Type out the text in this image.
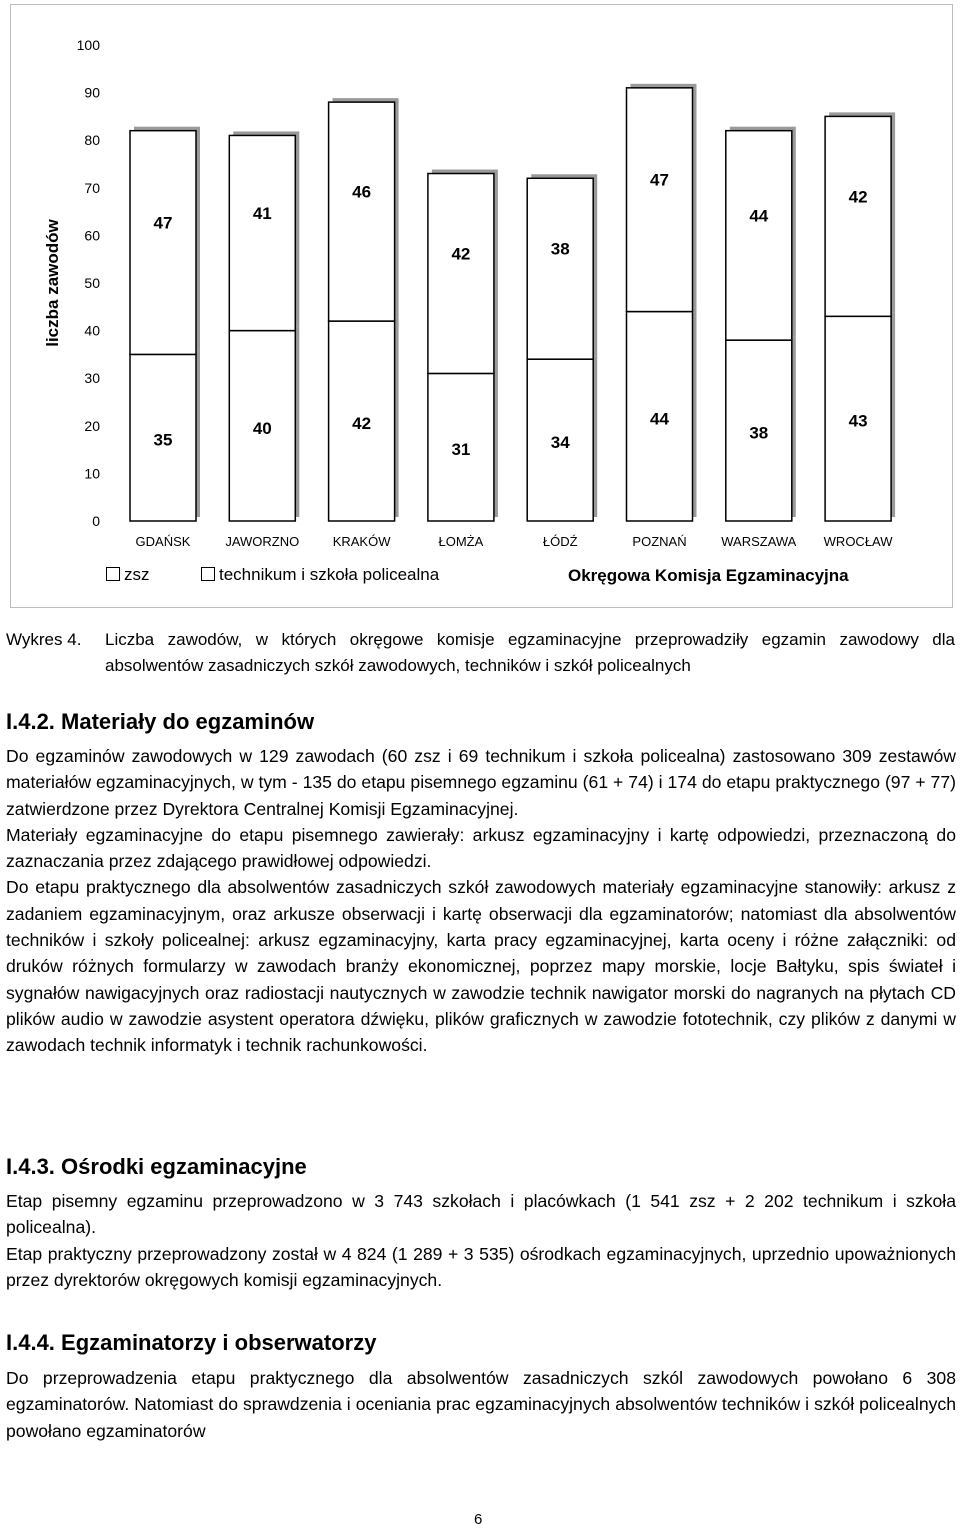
0
10
20
30
40
50
60
70
80
90
100
liczba zawodów
35
47
GDAŃSK
40
41
JAWORZNO
42
46
KRAKÓW
31
42
ŁOMŻA
34
38
ŁÓDŹ
44
47
POZNAŃ
38
44
WARSZAWA
43
42
WROCŁAW
zsz	technikum i szkoła policealna	Okręgowa Komisja Egzaminacyjna
Wykres 4.	Liczba zawodów, w których okręgowe komisje egzaminacyjne przeprowadziły egzamin zawodowy dla absolwentów zasadniczych szkół zawodowych, techników i szkół policealnych
I.4.2. Materiały do egzaminów

Do egzaminów zawodowych w 129 zawodach (60 zsz i 69 technikum i szkoła policealna) zastosowano 309 zestawów materiałów egzaminacyjnych, w tym - 135 do etapu pisemnego egzaminu (61 + 74) i 174 do etapu praktycznego (97 + 77) zatwierdzone przez Dyrektora Centralnej Komisji Egzaminacyjnej.

Materiały egzaminacyjne do etapu pisemnego zawierały: arkusz egzaminacyjny i kartę odpowiedzi, przeznaczoną do zaznaczania przez zdającego prawidłowej odpowiedzi.

Do etapu praktycznego dla absolwentów zasadniczych szkół zawodowych materiały egzaminacyjne stanowiły: arkusz z zadaniem egzaminacyjnym, oraz arkusze obserwacji i kartę obserwacji dla egzaminatorów; natomiast dla absolwentów techników i szkoły policealnej: arkusz egzaminacyjny, karta pracy egzaminacyjnej, karta oceny i różne załączniki: od druków różnych formularzy w zawodach branży ekonomicznej, poprzez mapy morskie, locje Bałtyku, spis świateł i sygnałów nawigacyjnych oraz radiostacji nautycznych w zawodzie technik nawigator morski do nagranych na płytach CD plików audio w zawodzie asystent operatora dźwięku, plików graficznych w zawodzie fototechnik, czy plików z danymi w zawodach technik informatyk i technik rachunkowości.

I.4.3. Ośrodki egzaminacyjne

Etap pisemny egzaminu przeprowadzono w 3 743 szkołach i placówkach (1 541 zsz + 2 202 technikum i szkoła policealna).

Etap praktyczny przeprowadzony został w 4 824 (1 289 + 3 535) ośrodkach egzaminacyjnych, uprzednio upoważnionych przez dyrektorów okręgowych komisji egzaminacyjnych.

I.4.4. Egzaminatorzy i obserwatorzy

Do przeprowadzenia etapu praktycznego dla absolwentów zasadniczych szkól zawodowych powołano 6 308 egzaminatorów. Natomiast do sprawdzenia i oceniania prac egzaminacyjnych absolwentów techników i szkół policealnych powołano egzaminatorów

6
